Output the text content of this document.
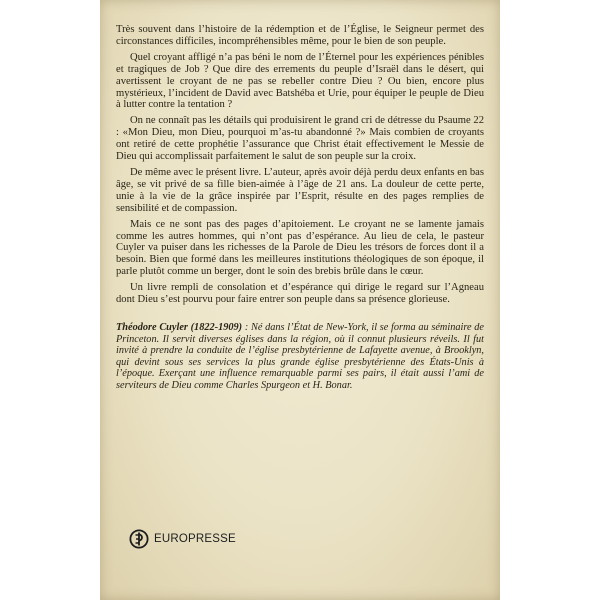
Très souvent dans l’histoire de la rédemption et de l’Église, le Seigneur permet des circonstances difficiles, incompréhensibles même, pour le bien de son peuple.

Quel croyant affligé n’a pas béni le nom de l’Éternel pour les expériences pénibles et tragiques de Job ? Que dire des errements du peuple d’Israël dans le désert, qui avertissent le croyant de ne pas se rebeller contre Dieu ? Ou bien, encore plus mystérieux, l’incident de David avec Batshéba et Urie, pour équiper le peuple de Dieu à lutter contre la tentation ?

On ne connaît pas les détails qui produisirent le grand cri de détresse du Psaume 22 : «Mon Dieu, mon Dieu, pourquoi m’as-tu abandonné ?» Mais combien de croyants ont retiré de cette prophétie l’assurance que Christ était effectivement le Messie de Dieu qui accomplissait parfaitement le salut de son peuple sur la croix.

De même avec le présent livre. L’auteur, après avoir déjà perdu deux enfants en bas âge, se vit privé de sa fille bien-aimée à l’âge de 21 ans. La douleur de cette perte, unie à la vie de la grâce inspirée par l’Esprit, résulte en des pages remplies de sensibilité et de compassion.

Mais ce ne sont pas des pages d’apitoiement. Le croyant ne se lamente jamais comme les autres hommes, qui n’ont pas d’espérance. Au lieu de cela, le pasteur Cuyler va puiser dans les richesses de la Parole de Dieu les trésors de forces dont il a besoin. Bien que formé dans les meilleures institutions théologiques de son époque, il parle plutôt comme un berger, dont le soin des brebis brûle dans le cœur.

Un livre rempli de consolation et d’espérance qui dirige le regard sur l’Agneau dont Dieu s’est pourvu pour faire entrer son peuple dans sa présence glorieuse.

Théodore Cuyler (1822-1909) : Né dans l’État de New-York, il se forma au séminaire de Princeton. Il servit diverses églises dans la région, où il connut plusieurs réveils. Il fut invité à prendre la conduite de l’église presbytérienne de Lafayette avenue, à Brooklyn, qui devint sous ses services la plus grande église presbytérienne des États-Unis à l’époque. Exerçant une influence remarquable parmi ses pairs, il était aussi l’ami de serviteurs de Dieu comme Charles Spurgeon et H. Bonar.
EUROPRESSE
